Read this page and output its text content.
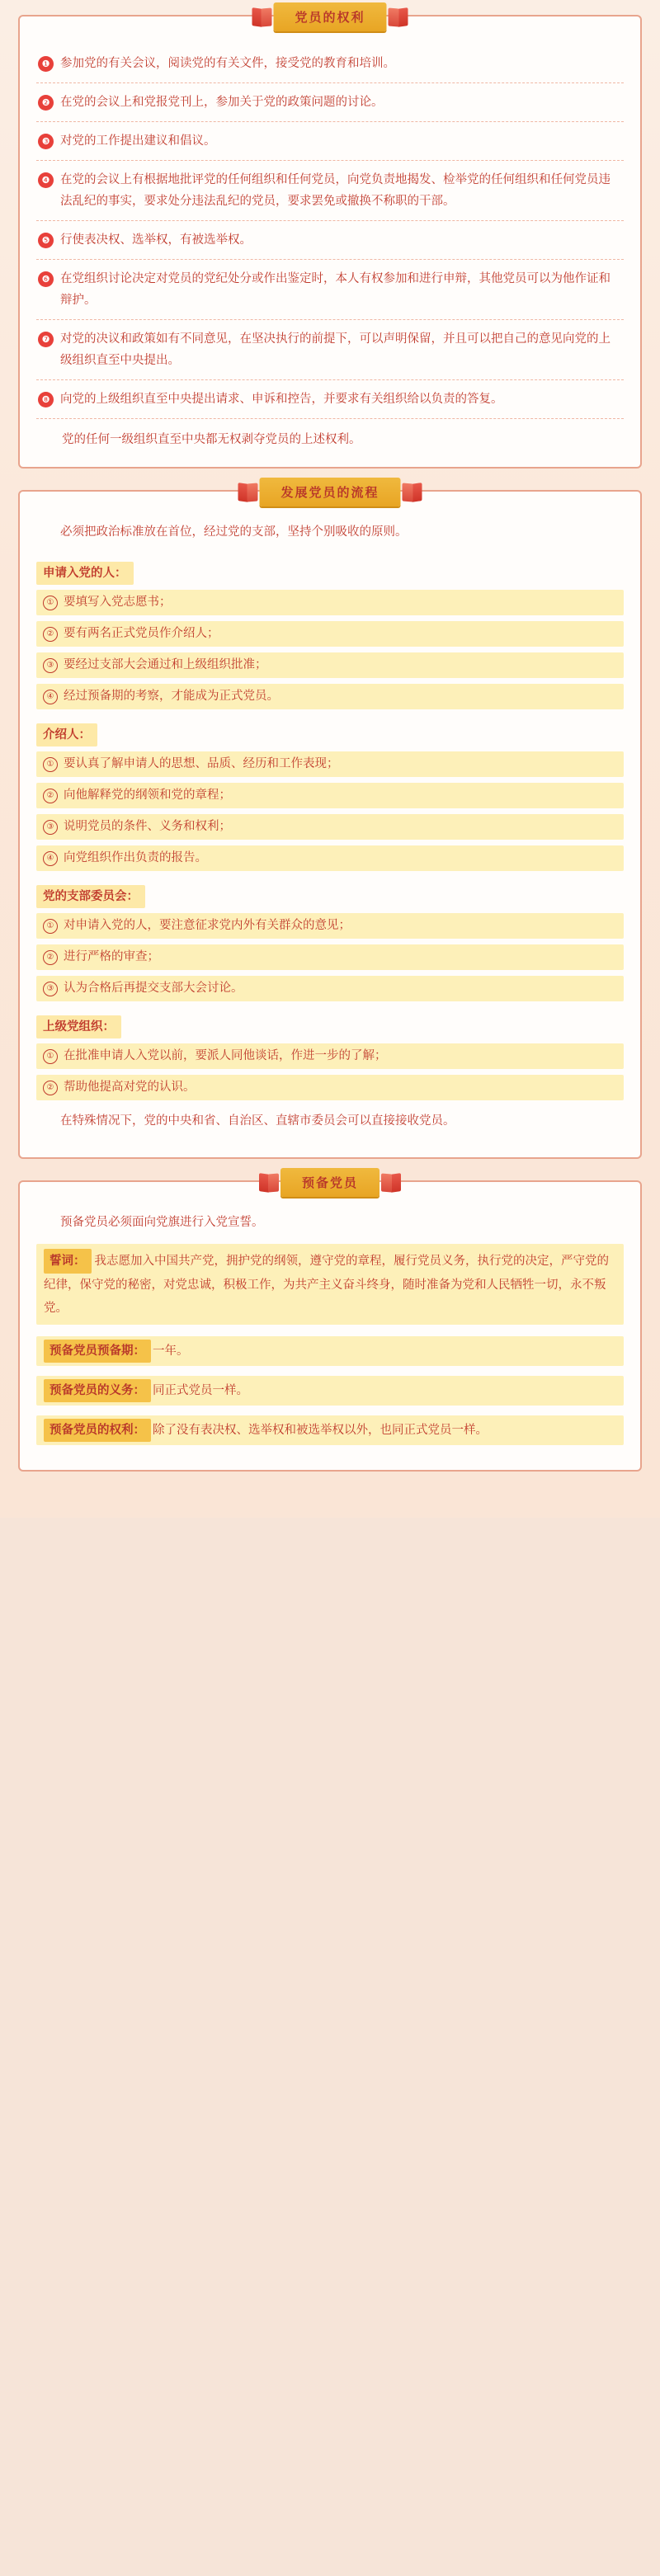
党员的权利
❶ 参加党的有关会议，阅读党的有关文件，接受党的教育和培训。
❷ 在党的会议上和党报党刊上，参加关于党的政策问题的讨论。
❸ 对党的工作提出建议和倡议。
❹ 在党的会议上有根据地批评党的任何组织和任何党员，向党负责地揭发、检举党的任何组织和任何党员违法乱纪的事实，要求处分违法乱纪的党员，要求罢免或撤换不称职的干部。
❺ 行使表决权、选举权，有被选举权。
❻ 在党组织讨论决定对党员的党纪处分或作出鉴定时，本人有权参加和进行申辩，其他党员可以为他作证和辩护。
❼ 对党的决议和政策如有不同意见，在坚决执行的前提下，可以声明保留，并且可以把自己的意见向党的上级组织直至中央提出。
❽ 向党的上级组织直至中央提出请求、申诉和控告，并要求有关组织给以负责的答复。
党的任何一级组织直至中央都无权剥夺党员的上述权利。
发展党员的流程
必须把政治标准放在首位，经过党的支部，坚持个别吸收的原则。
申请入党的人：
① 要填写入党志愿书；
② 要有两名正式党员作介绍人；
③ 要经过支部大会通过和上级组织批准；
④ 经过预备期的考察，才能成为正式党员。
介绍人：
① 要认真了解申请人的思想、品质、经历和工作表现；
② 向他解释党的纲领和党的章程；
③ 说明党员的条件、义务和权利；
④ 向党组织作出负责的报告。
党的支部委员会：
① 对申请入党的人，要注意征求党内外有关群众的意见；
② 进行严格的审查；
③ 认为合格后再提交支部大会讨论。
上级党组织：
① 在批准申请人入党以前，要派人同他谈话，作进一步的了解；
② 帮助他提高对党的认识。
在特殊情况下，党的中央和省、自治区、直辖市委员会可以直接接收党员。
预备党员
预备党员必须面向党旗进行入党宣誓。
誓词： 我志愿加入中国共产党，拥护党的纲领，遵守党的章程，履行党员义务，执行党的决定，严守党的纪律，保守党的秘密，对党忠诚，积极工作，为共产主义奋斗终身，随时准备为党和人民牺牲一切，永不叛党。
预备党员预备期： 一年。
预备党员的义务： 同正式党员一样。
预备党员的权利： 除了没有表决权、选举权和被选举权以外，也同正式党员一样。
